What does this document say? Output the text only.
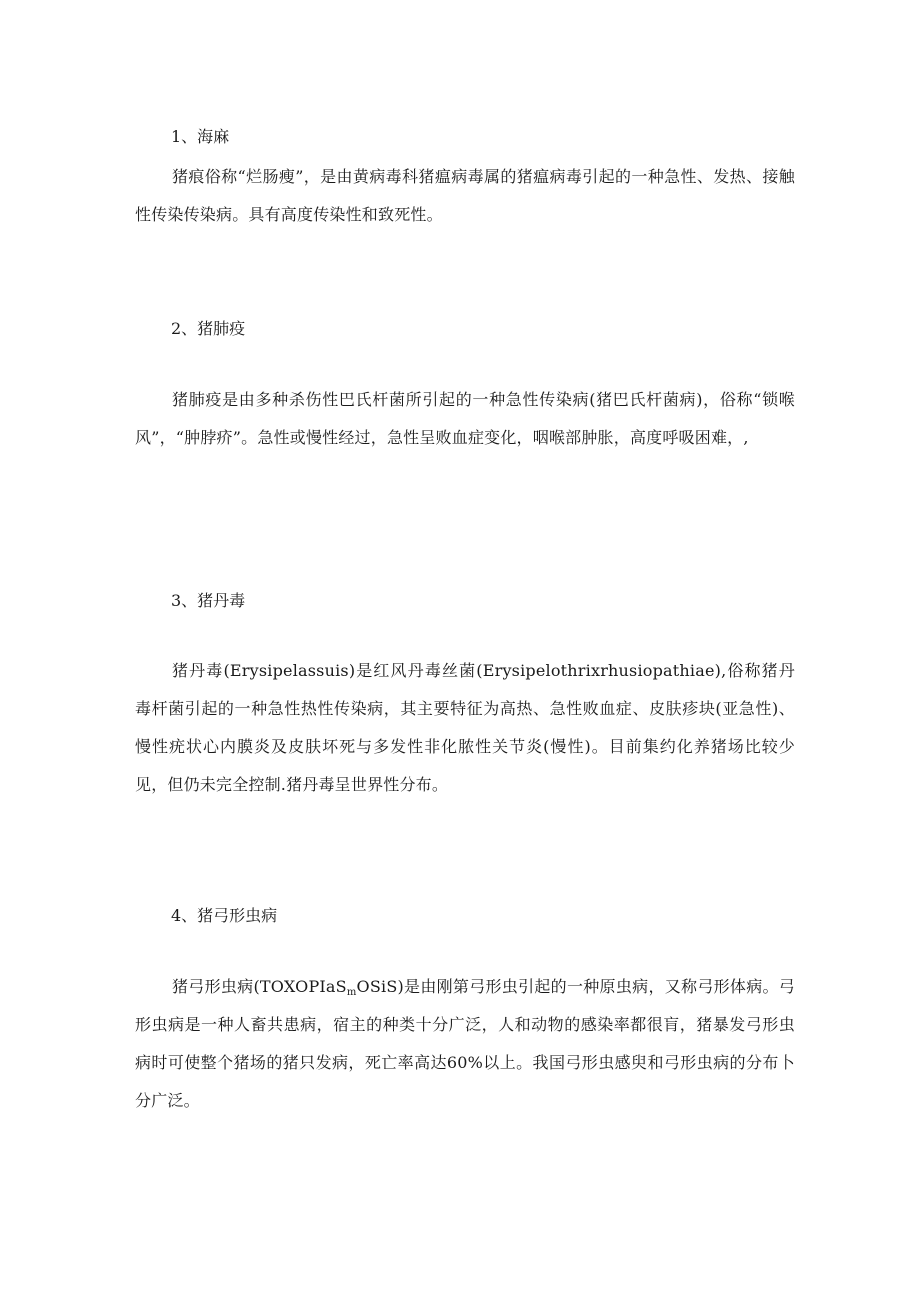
1、海麻

猪痕俗称“烂肠瘦”，是由黄病毒科猪瘟病毒属的猪瘟病毒引起的一种急性、发热、接触性传染传染病。具有高度传染性和致死性。

2、猪肺疫

猪肺疫是由多种杀伤性巴氏杆菌所引起的一种急性传染病(猪巴氏杆菌病)，俗称“锁喉风”，“肿脖疥”。急性或慢性经过，急性呈败血症变化，咽喉部肿胀，高度呼吸困难，,

3、猪丹毒

猪丹毒(Erysipelassuis)是红风丹毒丝菌(Erysipelothrixrhusiopathiae),俗称猪丹毒杆菌引起的一种急性热性传染病，其主要特征为高热、急性败血症、皮肤疹块(亚急性)、慢性疣状心内膜炎及皮肤坏死与多发性非化脓性关节炎(慢性)。目前集约化养猪场比较少见，但仍未完全控制.猪丹毒呈世界性分布。

4、猪弓形虫病

猪弓形虫病(TOXOPIaS$_m$OSiS)是由刚第弓形虫引起的一种原虫病，又称弓形体病。弓形虫病是一种人畜共患病，宿主的种类十分广泛，人和动物的感染率都很肓，猪暴发弓形虫病时可使整个猪场的猪只发病，死亡率高达60%以上。我国弓形虫感臾和弓形虫病的分布卜分广泛。
